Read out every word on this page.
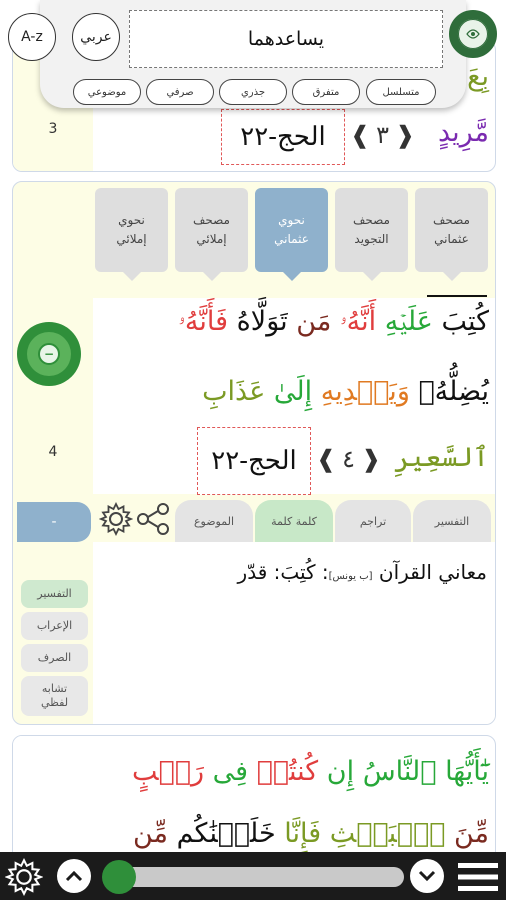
A-z	عربي	يساعدهما
متسلسل
متفرق
جذري
صرفي
موضوعي
3
بِعَ
مَّرِيدٍ
❰ ٣ ❱
الحج-٢٢
مصحف
عثماني
مصحف
التجويد
نحوي
عثماني
مصحف
إملائي
نحوي
إملائي
−
4
كُتِبَ عَلَيۡهِ أَنَّهُۥ مَن تَوَلَّاهُ فَأَنَّهُۥ
يُضِلُّهُۥ وَيَهۡدِيهِ إِلَىٰ عَذَابِ
ٱلسَّعِيرِ
❰ ٤ ❱
الحج-٢٢
التفسير
تراجم
كلمة كلمة
الموضوع
-
معاني القرآن [ب يونس]: كُتِبَ: قدّر
التفسير
الإعراب
الصرف
تشابه
لفظي
يَٰٓأَيُّهَا ٱلنَّاسُ إِن كُنتُمۡ فِى رَيۡبٍ
مِّنَ ٱلۡبَعۡثِ فَإِنَّا خَلَقۡنَٰكُم مِّن
